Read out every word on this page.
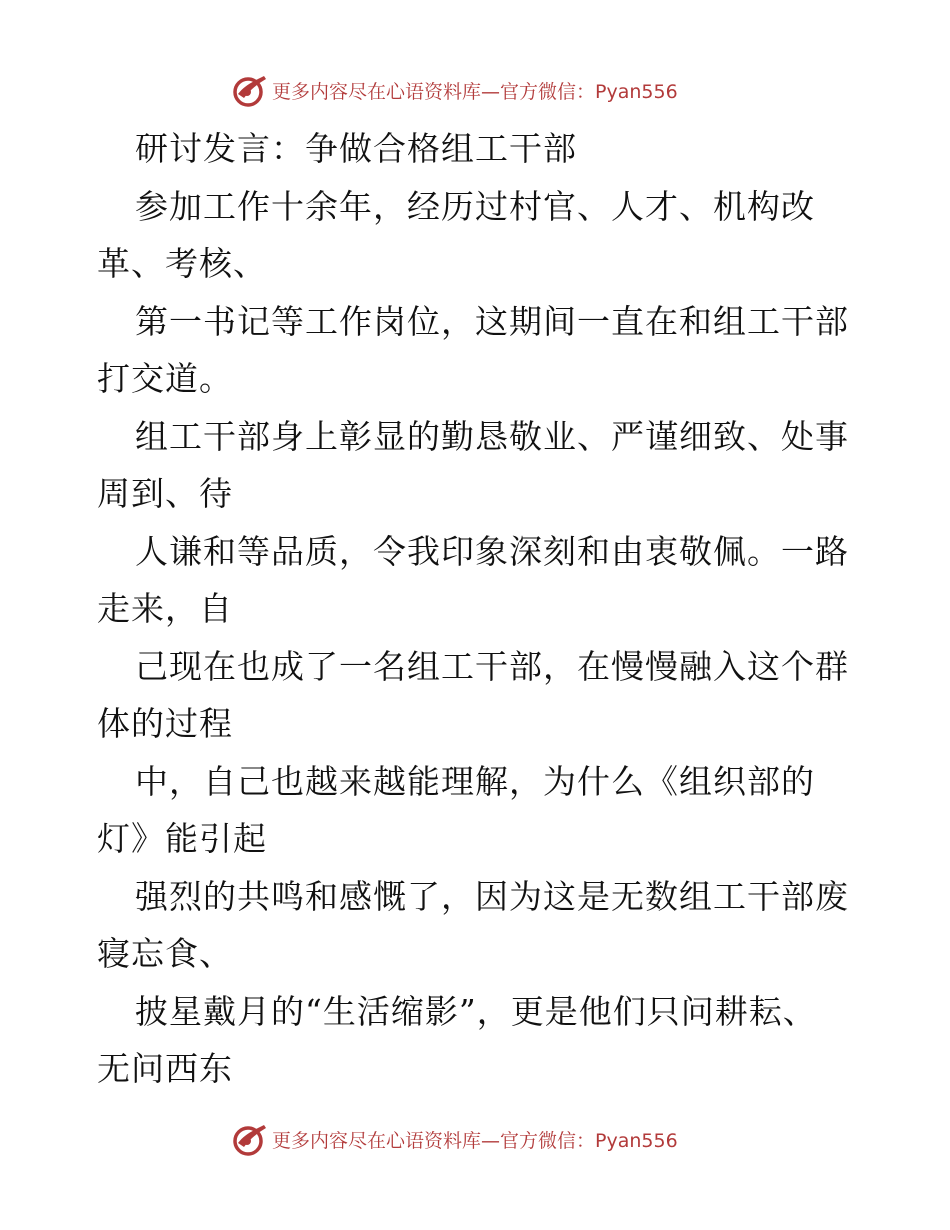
更多内容尽在心语资料库—官方微信：Pyan556
研讨发言：争做合格组工干部
参加工作十余年，经历过村官、人才、机构改
革、考核、
第一书记等工作岗位，这期间一直在和组工干部
打交道。
组工干部身上彰显的勤恳敬业、严谨细致、处事
周到、待
人谦和等品质，令我印象深刻和由衷敬佩。一路
走来，自
己现在也成了一名组工干部，在慢慢融入这个群
体的过程
中，自己也越来越能理解，为什么《组织部的
灯》能引起
强烈的共鸣和感慨了，因为这是无数组工干部废
寝忘食、
披星戴月的“生活缩影”，更是他们只问耕耘、
无问西东
更多内容尽在心语资料库—官方微信：Pyan556
